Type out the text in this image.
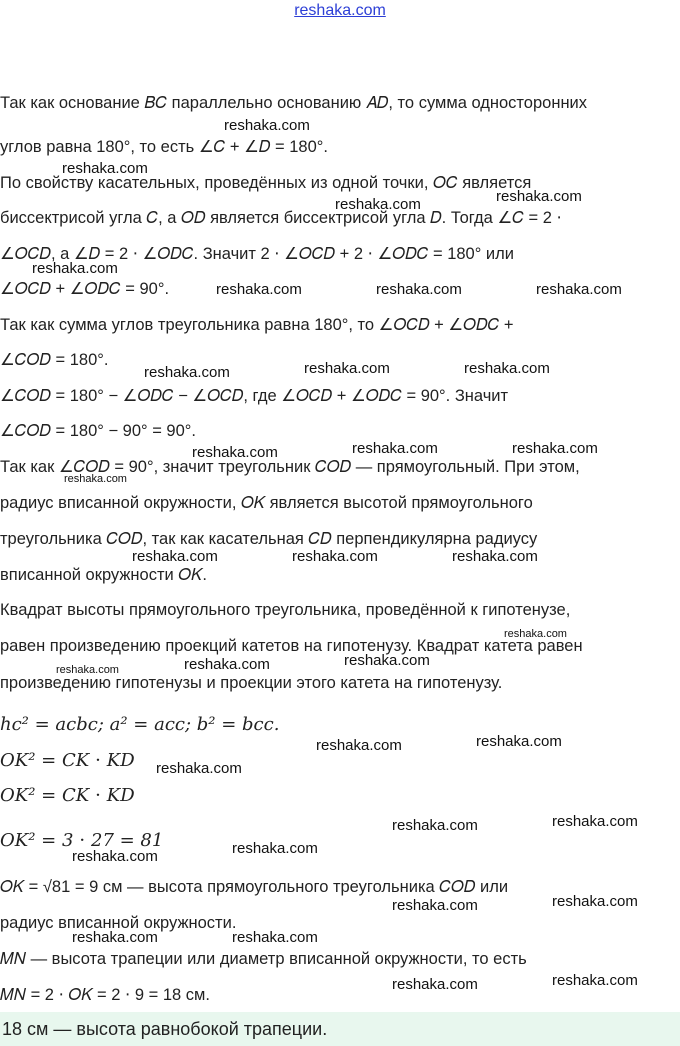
reshaka.com
Так как основание 𝐵𝐶 параллельно основанию 𝐴𝐷, то сумма односторонних
углов равна 180°, то есть ∠𝐶 + ∠𝐷 = 180°.
По свойству касательных, проведённых из одной точки, 𝑂𝐶 является
биссектрисой угла 𝐶, а 𝑂𝐷 является биссектрисой угла 𝐷. Тогда ∠𝐶 = 2 ⋅
∠𝑂𝐶𝐷, а ∠𝐷 = 2 ⋅ ∠𝑂𝐷𝐶. Значит 2 ⋅ ∠𝑂𝐶𝐷 + 2 ⋅ ∠𝑂𝐷𝐶 = 180° или
∠𝑂𝐶𝐷 + ∠𝑂𝐷𝐶 = 90°.
Так как сумма углов треугольника равна 180°, то ∠𝑂𝐶𝐷 + ∠𝑂𝐷𝐶 +
∠𝐶𝑂𝐷 = 180°.
∠𝐶𝑂𝐷 = 180° − ∠𝑂𝐷𝐶 − ∠𝑂𝐶𝐷, где ∠𝑂𝐶𝐷 + ∠𝑂𝐷𝐶 = 90°. Значит
∠𝐶𝑂𝐷 = 180° − 90° = 90°.
Так как ∠𝐶𝑂𝐷 = 90°, значит треугольник 𝐶𝑂𝐷 — прямоугольный. При этом,
радиус вписанной окружности, 𝑂𝐾 является высотой прямоугольного
треугольника 𝐶𝑂𝐷, так как касательная 𝐶𝐷 перпендикулярна радиусу
вписанной окружности 𝑂𝐾.
Квадрат высоты прямоугольного треугольника, проведённой к гипотенузе,
равен произведению проекций катетов на гипотенузу. Квадрат катета равен
произведению гипотенузы и проекции этого катета на гипотенузу.
ℎ𝑐² = 𝑎𝑐𝑏𝑐; 𝑎² = 𝑎𝑐𝑐; 𝑏² = 𝑏𝑐𝑐.
𝑂𝐾² = 𝐶𝐾 ⋅ 𝐾𝐷
𝑂𝐾² = 𝐶𝐾 ⋅ 𝐾𝐷
𝑂𝐾² = 3 ⋅ 27 = 81
𝑂𝐾 = √81 = 9 см — высота прямоугольного треугольника 𝐶𝑂𝐷 или
радиус вписанной окружности.
𝑀𝑁 — высота трапеции или диаметр вписанной окружности, то есть
𝑀𝑁 = 2 ⋅ 𝑂𝐾 = 2 ⋅ 9 = 18 см.
18 см — высота равнобокой трапеции.
reshaka.com
reshaka.com
reshaka.com	reshaka.com
reshaka.com
reshaka.com	reshaka.com	reshaka.com
reshaka.com	reshaka.com	reshaka.com
reshaka.com	reshaka.com	reshaka.com
reshaka.com
reshaka.com	reshaka.com	reshaka.com
reshaka.com
reshaka.com	reshaka.com
reshaka.com
reshaka.com	reshaka.com
reshaka.com
reshaka.com	reshaka.com
reshaka.com
reshaka.com
reshaka.com	reshaka.com
reshaka.com	reshaka.com
reshaka.com	reshaka.com
